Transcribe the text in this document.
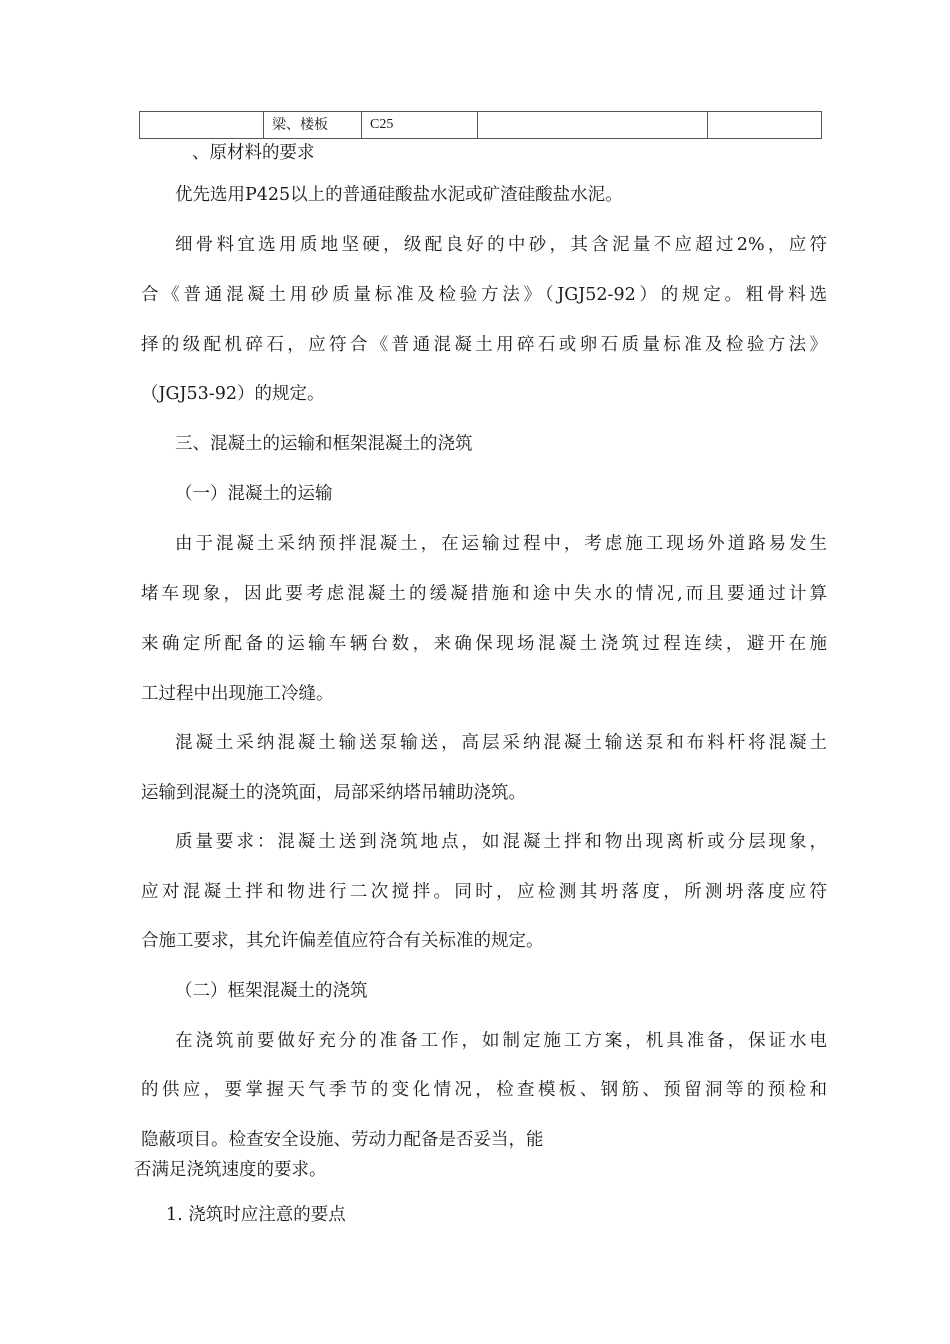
	梁、楼板	C25		
、原材料的要求
优先选用P425以上的普通硅酸盐水泥或矿渣硅酸盐水泥。
细骨料宜选用质地坚硬，级配良好的中砂，其含泥量不应超过2%，应符
合《普通混凝土用砂质量标准及检验方法》（JGJ52-92）的规定。粗骨料选
择的级配机碎石，应符合《普通混凝土用碎石或卵石质量标准及检验方法》
（JGJ53-92）的规定。
三、混凝土的运输和框架混凝土的浇筑
（一）混凝土的运输
由于混凝土采纳预拌混凝土，在运输过程中，考虑施工现场外道路易发生
堵车现象，因此要考虑混凝土的缓凝措施和途中失水的情况,而且要通过计算
来确定所配备的运输车辆台数，来确保现场混凝土浇筑过程连续，避开在施
工过程中出现施工冷缝。
混凝土采纳混凝土输送泵输送，高层采纳混凝土输送泵和布料杆将混凝土
运输到混凝土的浇筑面，局部采纳塔吊辅助浇筑。
质量要求：混凝土送到浇筑地点，如混凝土拌和物出现离析或分层现象，
应对混凝土拌和物进行二次搅拌。同时，应检测其坍落度，所测坍落度应符
合施工要求，其允许偏差值应符合有关标准的规定。
（二）框架混凝土的浇筑
在浇筑前要做好充分的准备工作，如制定施工方案，机具准备，保证水电
的供应，要掌握天气季节的变化情况，检查模板、钢筋、预留洞等的预检和
隐蔽项目。检查安全设施、劳动力配备是否妥当，能
否满足浇筑速度的要求。
1. 浇筑时应注意的要点
